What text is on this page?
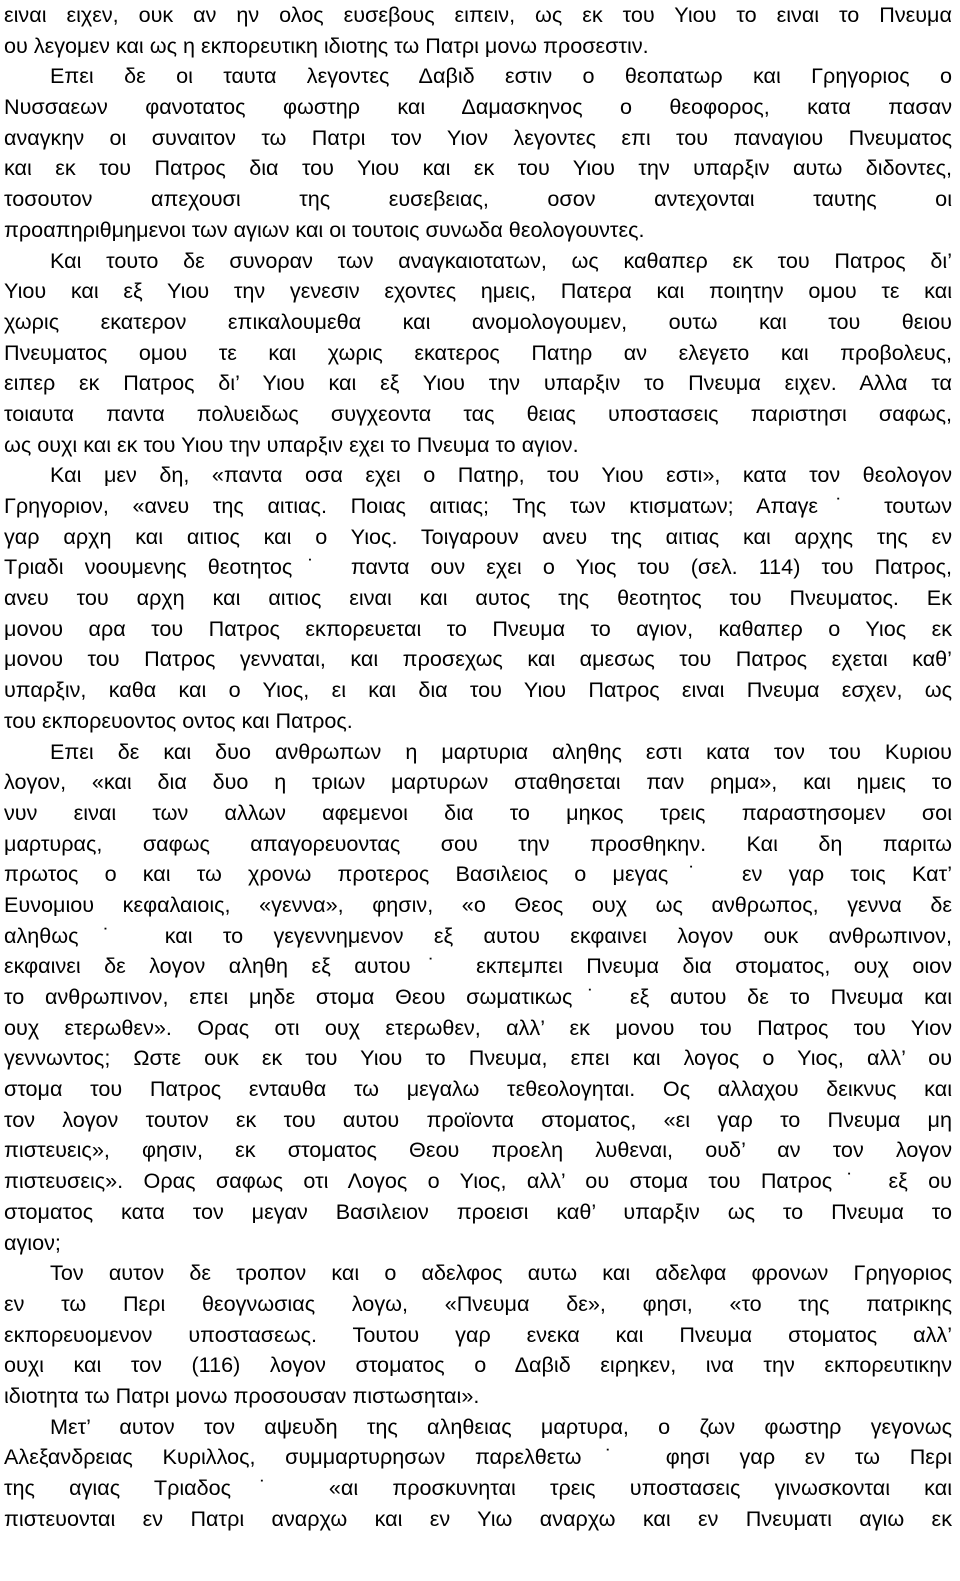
ειναι ειχεν, ουκ αν ην ολος ευσεβους ειπειν, ως εκ του Υιου το ειναι το Πνευμα
ου λεγομεν και ως η εκπορευτικη ιδιοτης τω Πατρι μονω προσεστιν.
Επει δε οι ταυτα λεγοντες Δαβιδ εστιν ο θεοπατωρ και Γρηγοριος ο
Νυσσαεων φανοτατος φωστηρ και Δαμασκηνος ο θεοφορος, κατα πασαν
αναγκην οι συναιτον τω Πατρι τον Υιον λεγοντες επι του παναγιου Πνευματος
και εκ του Πατρος δια του Υιου και εκ του Υιου την υπαρξιν αυτω διδοντες,
τοσουτον απεχουσι της ευσεβειας, οσον αντεχονται ταυτης οι
προαπηριθμημενοι των αγιων και οι τουτοις συνωδα θεολογουντες.
Και τουτο δε συνοραν των αναγκαιοτατων, ως καθαπερ εκ του Πατρος δι’
Υιου και εξ Υιου την γενεσιν εχοντες ημεις, Πατερα και ποιητην ομου τε και
χωρις εκατερον επικαλουμεθα και ανομολογουμεν, ουτω και του θειου
Πνευματος ομου τε και χωρις εκατερος Πατηρ αν ελεγετο και προβολευς,
ειπερ εκ Πατρος δι’ Υιου και εξ Υιου την υπαρξιν το Πνευμα ειχεν. Αλλα τα
τοιαυτα παντα πολυειδως συγχεοντα τας θειας υποστασεις παριστησι σαφως,
ως ουχι και εκ του Υιου την υπαρξιν εχει το Πνευμα το αγιον.
Και μεν δη, «παντα οσα εχει ο Πατηρ, του Υιου εστι», κατα τον θεολογον
Γρηγοριον, «ανευ της αιτιας. Ποιας αιτιας; Της των κτισματων; Απαγε˙ τουτων
γαρ αρχη και αιτιος και ο Υιος. Τοιγαρουν ανευ της αιτιας και αρχης της εν
Τριαδι νοουμενης θεοτητος˙ παντα ουν εχει ο Υιος του (σελ. 114) του Πατρος,
ανευ του αρχη και αιτιος ειναι και αυτος της θεοτητος του Πνευματος. Εκ
μονου αρα του Πατρος εκπορευεται το Πνευμα το αγιον, καθαπερ ο Υιος εκ
μονου του Πατρος γενναται, και προσεχως και αμεσως του Πατρος εχεται καθ’
υπαρξιν, καθα και ο Υιος, ει και δια του Υιου Πατρος ειναι Πνευμα εσχεν, ως
του εκπορευοντος οντος και Πατρος.
Επει δε και δυο ανθρωπων η μαρτυρια αληθης εστι κατα τον του Κυριου
λογον, «και δια δυο η τριων μαρτυρων σταθησεται παν ρημα», και ημεις το
νυν ειναι των αλλων αφεμενοι δια το μηκος τρεις παραστησομεν σοι
μαρτυρας, σαφως απαγορευοντας σου την προσθηκην. Και δη παριτω
πρωτος ο και τω χρονω προτερος Βασιλειος ο μεγας˙ εν γαρ τοις Κατ’
Ευνομιου κεφαλαιοις, «γεννα», φησιν, «ο Θεος ουχ ως ανθρωπος, γεννα δε
αληθως˙ και το γεγεννημενον εξ αυτου εκφαινει λογον ουκ ανθρωπινον,
εκφαινει δε λογον αληθη εξ αυτου˙ εκπεμπει Πνευμα δια στοματος, ουχ οιον
το ανθρωπινον, επει μηδε στομα Θεου σωματικως˙ εξ αυτου δε το Πνευμα και
ουχ ετερωθεν». Ορας οτι ουχ ετερωθεν, αλλ’ εκ μονου του Πατρος του Υιον
γεννωντος; Ωστε ουκ εκ του Υιου το Πνευμα, επει και λογος ο Υιος, αλλ’ ου
στομα του Πατρος ενταυθα τω μεγαλω τεθεολογηται. Ος αλλαχου δεικνυς και
τον λογον τουτον εκ του αυτου προϊοντα στοματος, «ει γαρ το Πνευμα μη
πιστευεις», φησιν, εκ στοματος Θεου προελη λυθεναι, ουδ’ αν τον λογον
πιστευσεις». Ορας σαφως οτι Λογος ο Υιος, αλλ’ ου στομα του Πατρος˙ εξ ου
στοματος κατα τον μεγαν Βασιλειον προεισι καθ’ υπαρξιν ως το Πνευμα το
αγιον;
Τον αυτον δε τροπον και ο αδελφος αυτω και αδελφα φρονων Γρηγοριος
εν τω Περι θεογνωσιας λογω, «Πνευμα δε», φησι, «το της πατρικης
εκπορευομενον υποστασεως. Τουτου γαρ ενεκα και Πνευμα στοματος αλλ’
ουχι και τον (116) λογον στοματος ο Δαβιδ ειρηκεν, ινα την εκπορευτικην
ιδιοτητα τω Πατρι μονω προσουσαν πιστωσηται».
Μετ’ αυτον τον αψευδη της αληθειας μαρτυρα, ο ζων φωστηρ γεγονως
Αλεξανδρειας Κυριλλος, συμμαρτυρησων παρελθετω˙ φησι γαρ εν τω Περι
της αγιας Τριαδος˙ «αι προσκυνηται τρεις υποστασεις γινωσκονται και
πιστευονται εν Πατρι αναρχω και εν Υιω αναρχω και εν Πνευματι αγιω εκ
